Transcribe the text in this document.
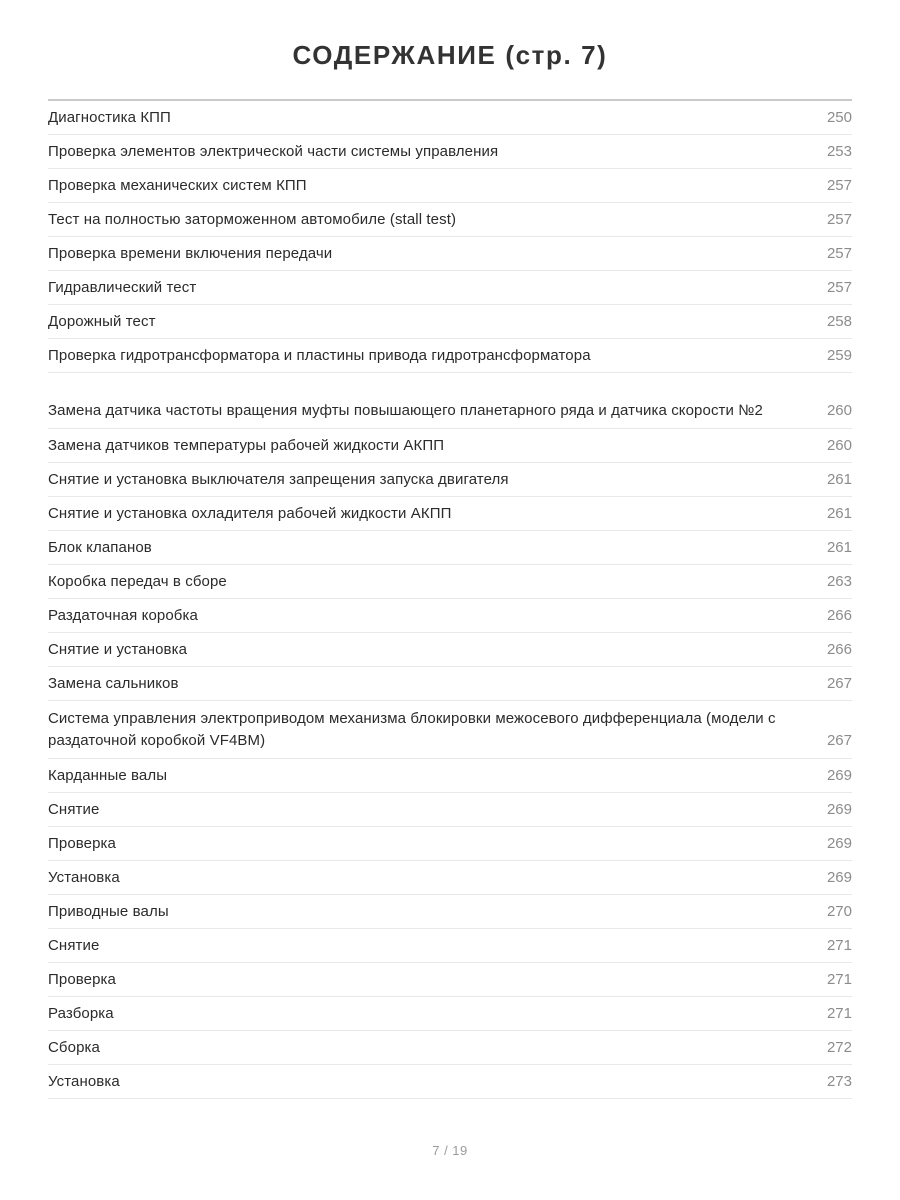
СОДЕРЖАНИЕ (стр. 7)
Диагностика КПП	250
Проверка элементов электрической части системы управления	253
Проверка механических систем КПП	257
Тест на полностью заторможенном автомобиле (stall test)	257
Проверка времени включения передачи	257
Гидравлический тест	257
Дорожный тест	258
Проверка гидротрансформатора и пластины привода гидротрансформатора	259
Замена датчика частоты вращения муфты повышающего планетарного ряда и датчика скорости №2	260
Замена датчиков температуры рабочей жидкости АКПП	260
Снятие и установка выключателя запрещения запуска двигателя	261
Снятие и установка охладителя рабочей жидкости АКПП	261
Блок клапанов	261
Коробка передач в сборе	263
Раздаточная коробка	266
Снятие и установка	266
Замена сальников	267
Система управления электроприводом механизма блокировки межосевого дифференциала (модели с раздаточной коробкой VF4BM)	267
Карданные валы	269
Снятие	269
Проверка	269
Установка	269
Приводные валы	270
Снятие	271
Проверка	271
Разборка	271
Сборка	272
Установка	273
7 / 19
